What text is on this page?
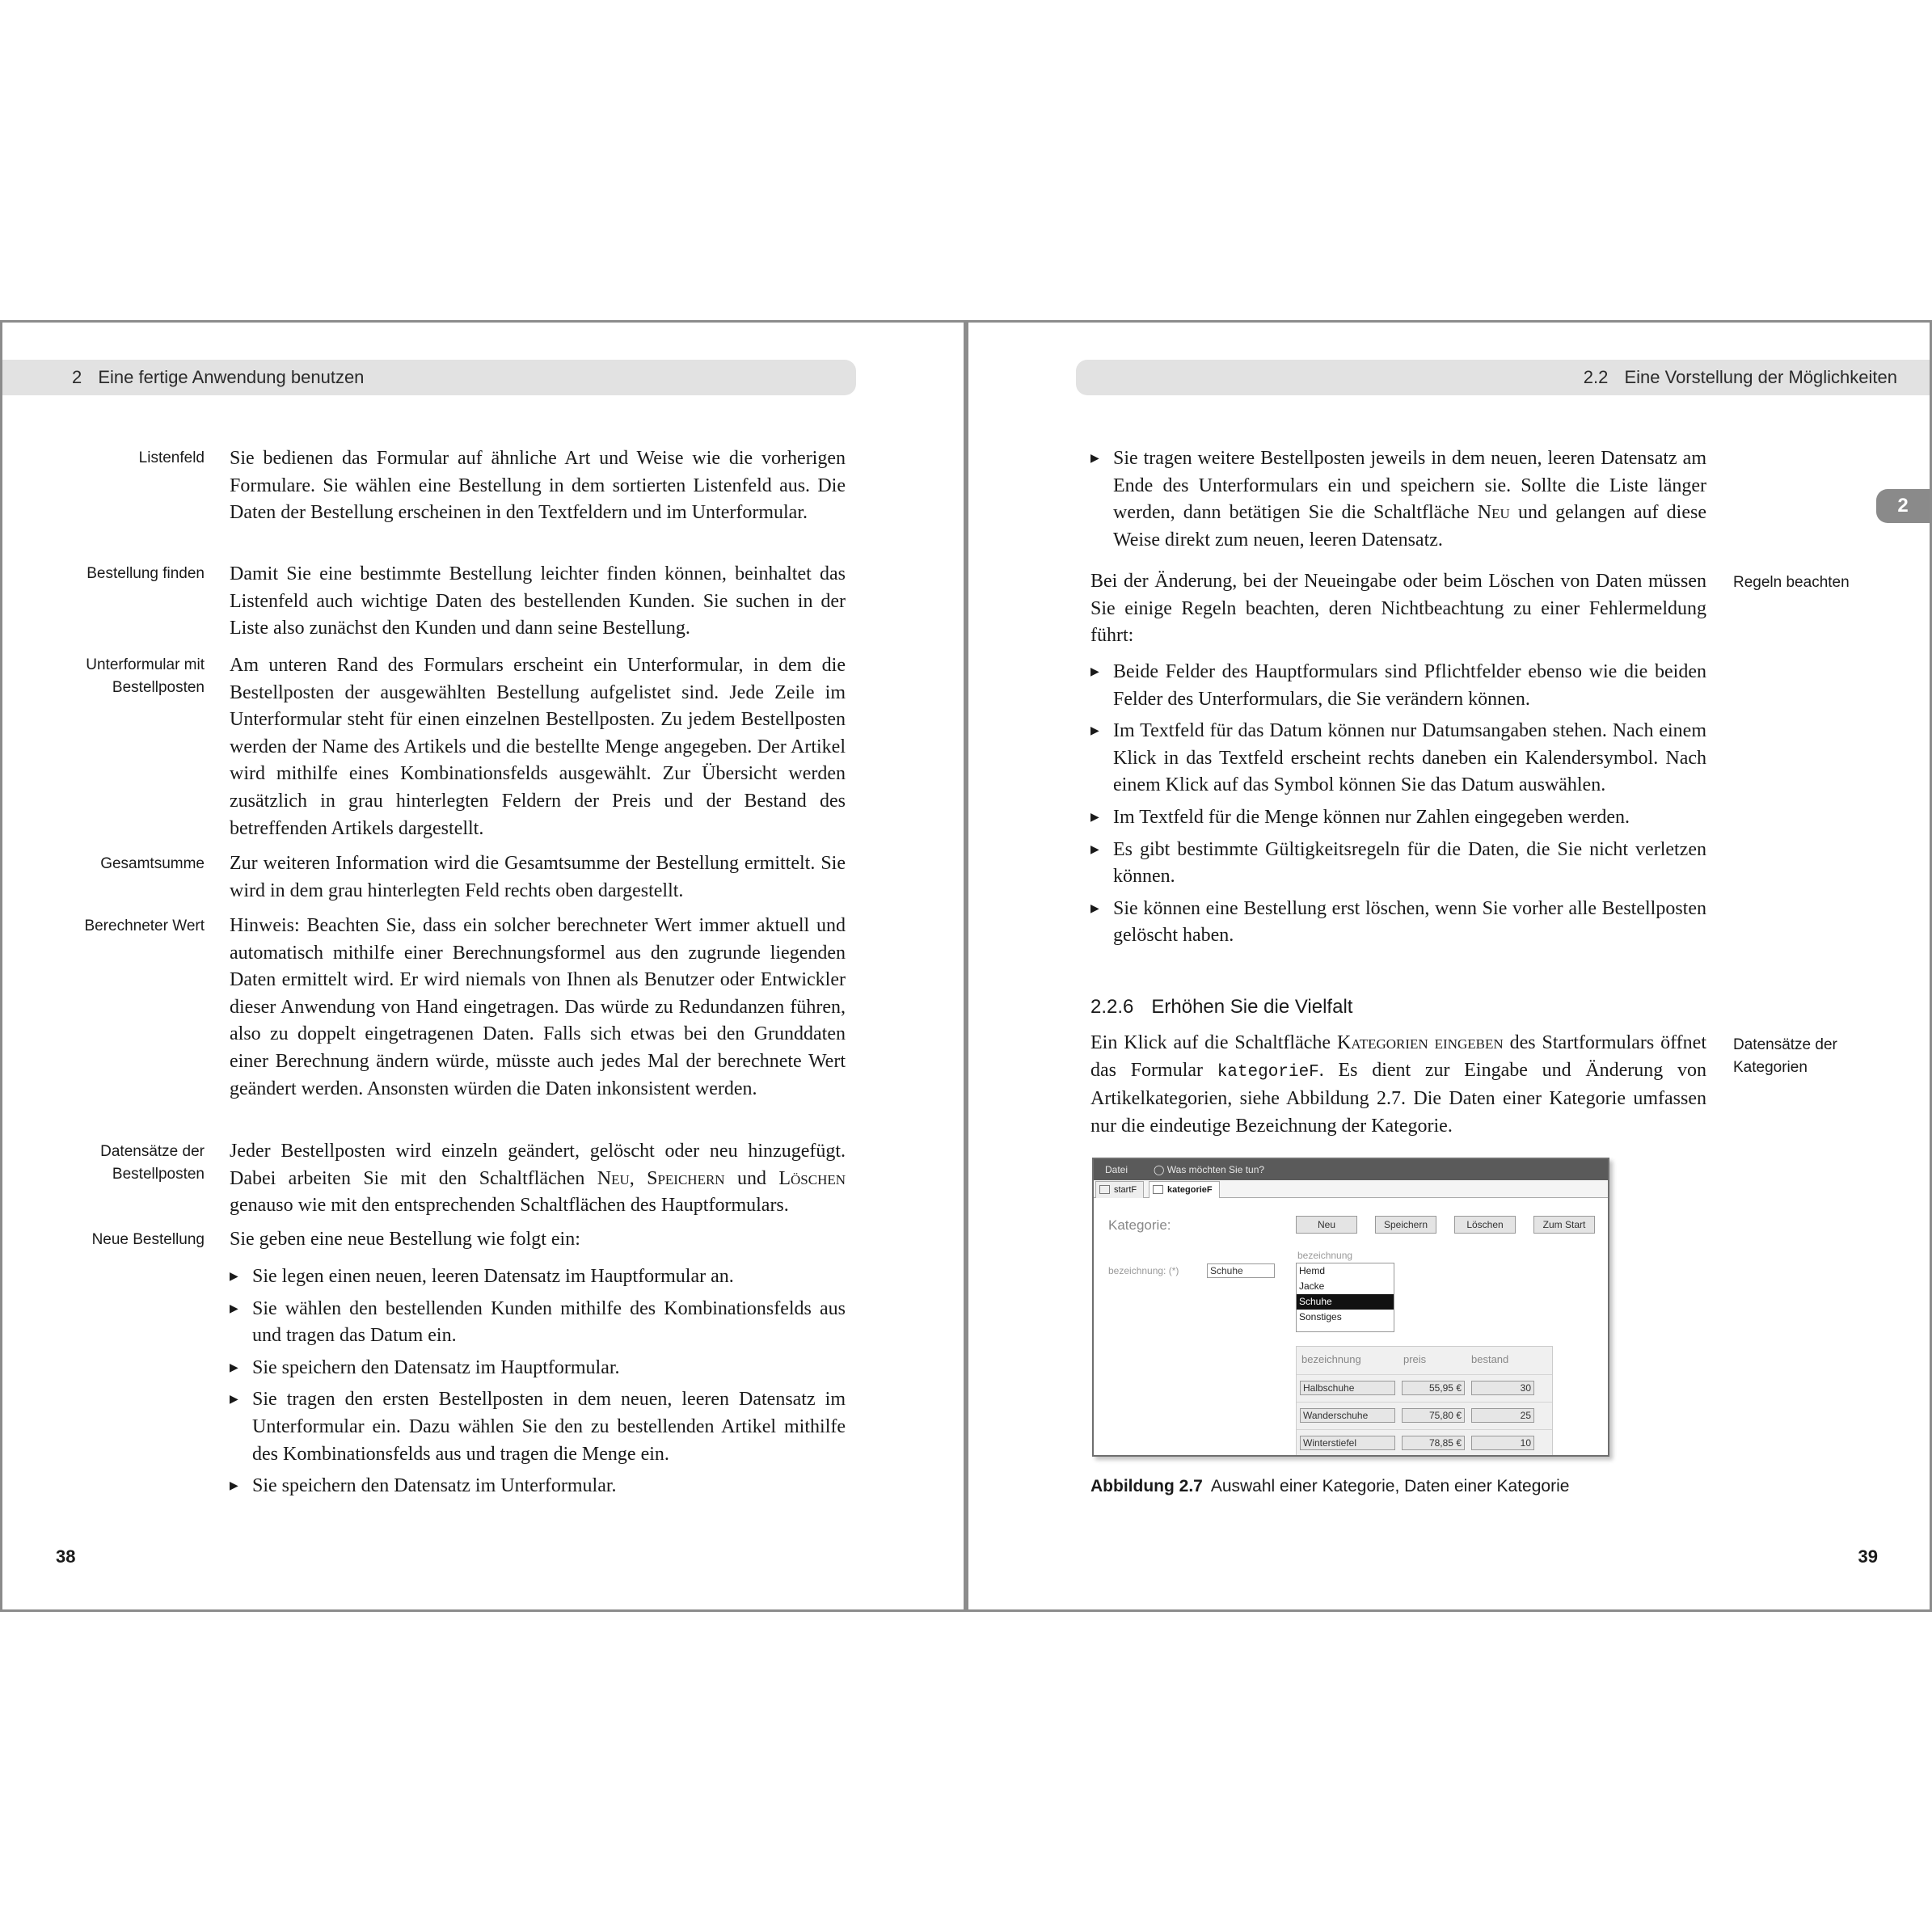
2 Eine fertige Anwendung benutzen
Listenfeld Sie bedienen das Formular auf ähnliche Art und Weise wie die vorherigen Formulare. Sie wählen eine Bestellung in dem sortierten Listenfeld aus. Die Daten der Bestellung erscheinen in den Textfeldern und im Unterformular.
Bestellung finden Damit Sie eine bestimmte Bestellung leichter finden können, beinhaltet das Listenfeld auch wichtige Daten des bestellenden Kunden. Sie suchen in der Liste also zunächst den Kunden und dann seine Bestellung.
Unterformular mit
Bestellposten
Am unteren Rand des Formulars erscheint ein Unterformular, in dem die Bestellposten der ausgewählten Bestellung aufgelistet sind. Jede Zeile im Unterformular steht für einen einzelnen Bestellposten. Zu jedem Bestellposten werden der Name des Artikels und die bestellte Menge angegeben. Der Artikel wird mithilfe eines Kombinationsfelds ausgewählt. Zur Übersicht werden zusätzlich in grau hinterlegten Feldern der Preis und der Bestand des betreffenden Artikels dargestellt.
Gesamtsumme Zur weiteren Information wird die Gesamtsumme der Bestellung ermittelt. Sie wird in dem grau hinterlegten Feld rechts oben dargestellt.
Berechneter Wert Hinweis: Beachten Sie, dass ein solcher berechneter Wert immer aktuell und automatisch mithilfe einer Berechnungsformel aus den zugrunde liegenden Daten ermittelt wird. Er wird niemals von Ihnen als Benutzer oder Entwickler dieser Anwendung von Hand eingetragen. Das würde zu Redundanzen führen, also zu doppelt eingetragenen Daten. Falls sich etwas bei den Grunddaten einer Berechnung ändern würde, müsste auch jedes Mal der berechnete Wert geändert werden. Ansonsten würden die Daten inkonsistent werden.
Datensätze der
Bestellposten
Jeder Bestellposten wird einzeln geändert, gelöscht oder neu hinzugefügt. Dabei arbeiten Sie mit den Schaltflächen Neu, Speichern und Löschen genauso wie mit den entsprechenden Schaltflächen des Hauptformulars.
Neue Bestellung Sie geben eine neue Bestellung wie folgt ein:
▶ Sie legen einen neuen, leeren Datensatz im Hauptformular an.
▶ Sie wählen den bestellenden Kunden mithilfe des Kombinationsfelds aus und tragen das Datum ein.
▶ Sie speichern den Datensatz im Hauptformular.
▶ Sie tragen den ersten Bestellposten in dem neuen, leeren Datensatz im Unterformular ein. Dazu wählen Sie den zu bestellenden Artikel mithilfe des Kombinationsfelds aus und tragen die Menge ein.
▶ Sie speichern den Datensatz im Unterformular.
38
2.2 Eine Vorstellung der Möglichkeiten
2
▶ Sie tragen weitere Bestellposten jeweils in dem neuen, leeren Datensatz am Ende des Unterformulars ein und speichern sie. Sollte die Liste länger werden, dann betätigen Sie die Schaltfläche Neu und gelangen auf diese Weise direkt zum neuen, leeren Datensatz.
Regeln beachten
Bei der Änderung, bei der Neueingabe oder beim Löschen von Daten müssen Sie einige Regeln beachten, deren Nichtbeachtung zu einer Fehlermeldung führt:
▶ Beide Felder des Hauptformulars sind Pflichtfelder ebenso wie die beiden Felder des Unterformulars, die Sie verändern können.
▶ Im Textfeld für das Datum können nur Datumsangaben stehen. Nach einem Klick in das Textfeld erscheint rechts daneben ein Kalendersymbol. Nach einem Klick auf das Symbol können Sie das Datum auswählen.
▶ Im Textfeld für die Menge können nur Zahlen eingegeben werden.
▶ Es gibt bestimmte Gültigkeitsregeln für die Daten, die Sie nicht verletzen können.
▶ Sie können eine Bestellung erst löschen, wenn Sie vorher alle Bestellposten gelöscht haben.
2.2.6 Erhöhen Sie die Vielfalt
Datensätze der
Kategorien
Ein Klick auf die Schaltfläche Kategorien eingeben des Startformulars öffnet das Formular kategorieF. Es dient zur Eingabe und Änderung von Artikelkategorien, siehe Abbildung 2.7. Die Daten einer Kategorie umfassen nur die eindeutige Bezeichnung der Kategorie.
Datei	◯ Was möchten Sie tun?
startF	kategorieF
Kategorie:	Neu	Speichern	Löschen	Zum Start
bezeichnung: (*)	Schuhe
bezeichnung
Hemd
Jacke
Schuhe
Sonstiges
bezeichnung	preis	bestand
Halbschuhe	55,95 €	30
Wanderschuhe	75,80 €	25
Winterstiefel	78,85 €	10
Abbildung 2.7 Auswahl einer Kategorie, Daten einer Kategorie
39
